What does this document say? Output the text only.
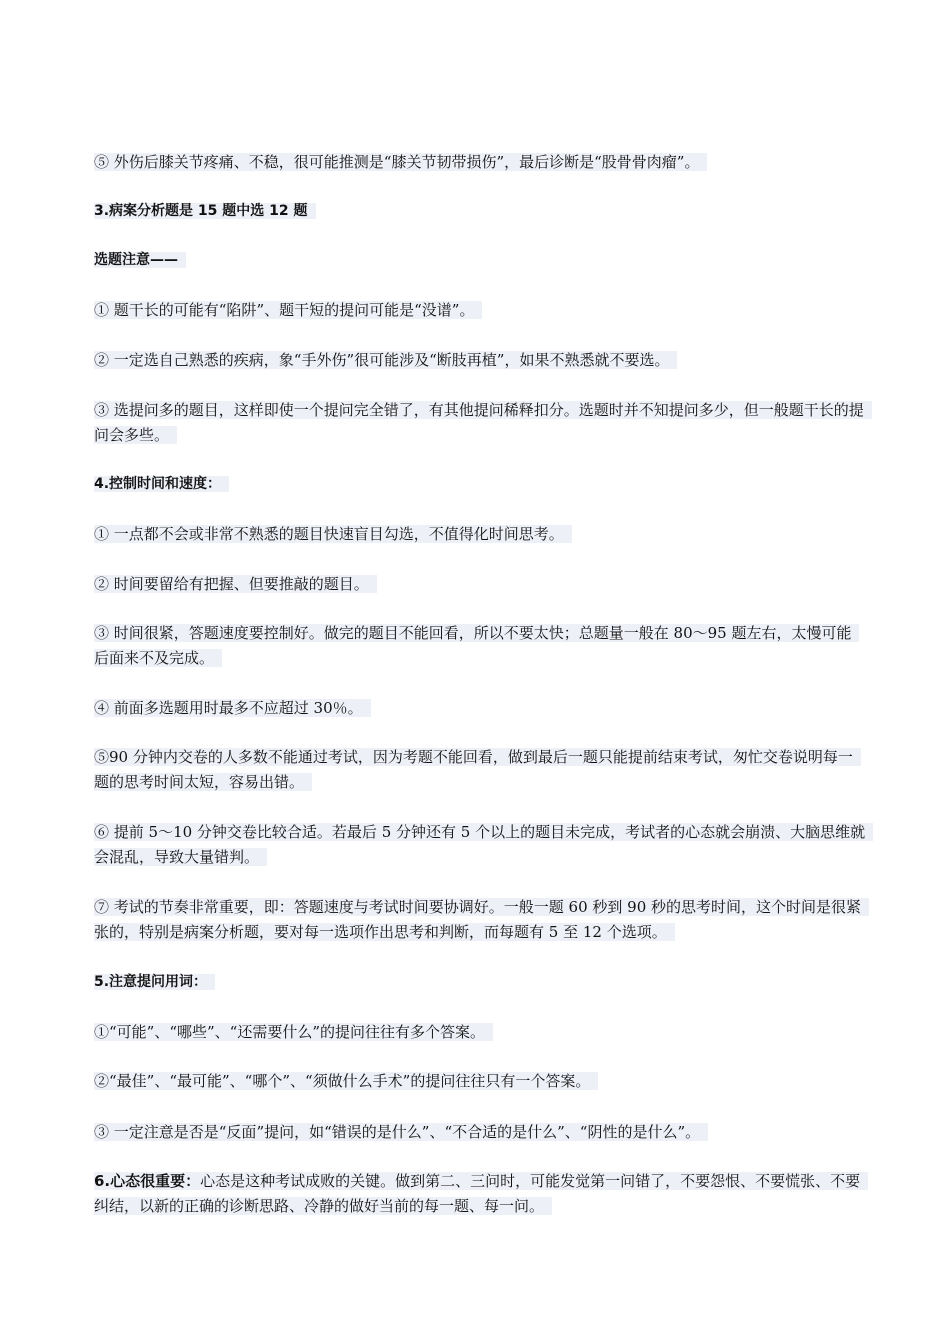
⑤ 外伤后膝关节疼痛、不稳，很可能推测是“膝关节韧带损伤”，最后诊断是“股骨骨肉瘤”。

3.病案分析题是 15 题中选 12 题

选题注意——

① 题干长的可能有“陷阱”、题干短的提问可能是“没谱”。

② 一定选自己熟悉的疾病，象“手外伤”很可能涉及“断肢再植”，如果不熟悉就不要选。

③ 选提问多的题目，这样即使一个提问完全错了，有其他提问稀释扣分。选题时并不知提问多少，但一般题干长的提问会多些。

4.控制时间和速度：

① 一点都不会或非常不熟悉的题目快速盲目勾选，不值得化时间思考。

② 时间要留给有把握、但要推敲的题目。

③ 时间很紧，答题速度要控制好。做完的题目不能回看，所以不要太快；总题量一般在 80～95 题左右，太慢可能后面来不及完成。

④ 前面多选题用时最多不应超过 30％。

⑤90 分钟内交卷的人多数不能通过考试，因为考题不能回看，做到最后一题只能提前结束考试，匆忙交卷说明每一题的思考时间太短，容易出错。

⑥ 提前 5～10 分钟交卷比较合适。若最后 5 分钟还有 5 个以上的题目未完成，考试者的心态就会崩溃、大脑思维就会混乱，导致大量错判。

⑦ 考试的节奏非常重要，即：答题速度与考试时间要协调好。一般一题 60 秒到 90 秒的思考时间，这个时间是很紧张的，特别是病案分析题，要对每一选项作出思考和判断，而每题有 5 至 12 个选项。

5.注意提问用词：

①“可能”、“哪些”、“还需要什么”的提问往往有多个答案。

②“最佳”、“最可能”、“哪个”、“须做什么手术”的提问往往只有一个答案。

③ 一定注意是否是“反面”提问，如“错误的是什么”、“不合适的是什么”、“阴性的是什么”。

6.心态很重要：心态是这种考试成败的关键。做到第二、三问时，可能发觉第一问错了，不要怨恨、不要慌张、不要纠结，以新的正确的诊断思路、冷静的做好当前的每一题、每一问。
